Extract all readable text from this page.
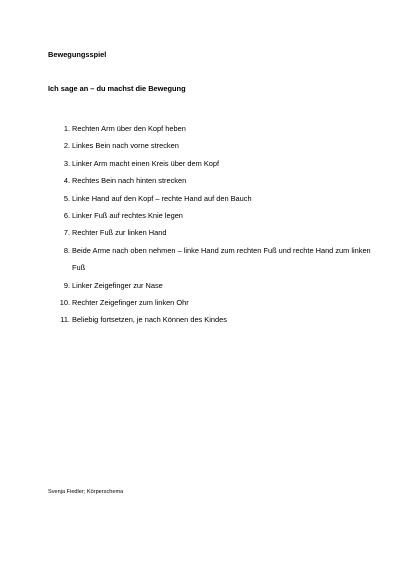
Bewegungsspiel
Ich sage an – du machst die Bewegung
1. Rechten Arm über den Kopf heben
2. Linkes Bein nach vorne strecken
3. Linker Arm macht einen Kreis über dem Kopf
4. Rechtes Bein nach hinten strecken
5. Linke Hand auf den Kopf – rechte Hand auf den Bauch
6. Linker Fuß auf rechtes Knie legen
7. Rechter Fuß zur linken Hand
8. Beide Arme nach oben nehmen – linke Hand zum rechten Fuß und rechte Hand zum linken Fuß
9. Linker Zeigefinger zur Nase
10. Rechter Zeigefinger zum linken Ohr
11. Beliebig fortsetzen, je nach Können des Kindes
Svenja Fiedler; Körperschema
